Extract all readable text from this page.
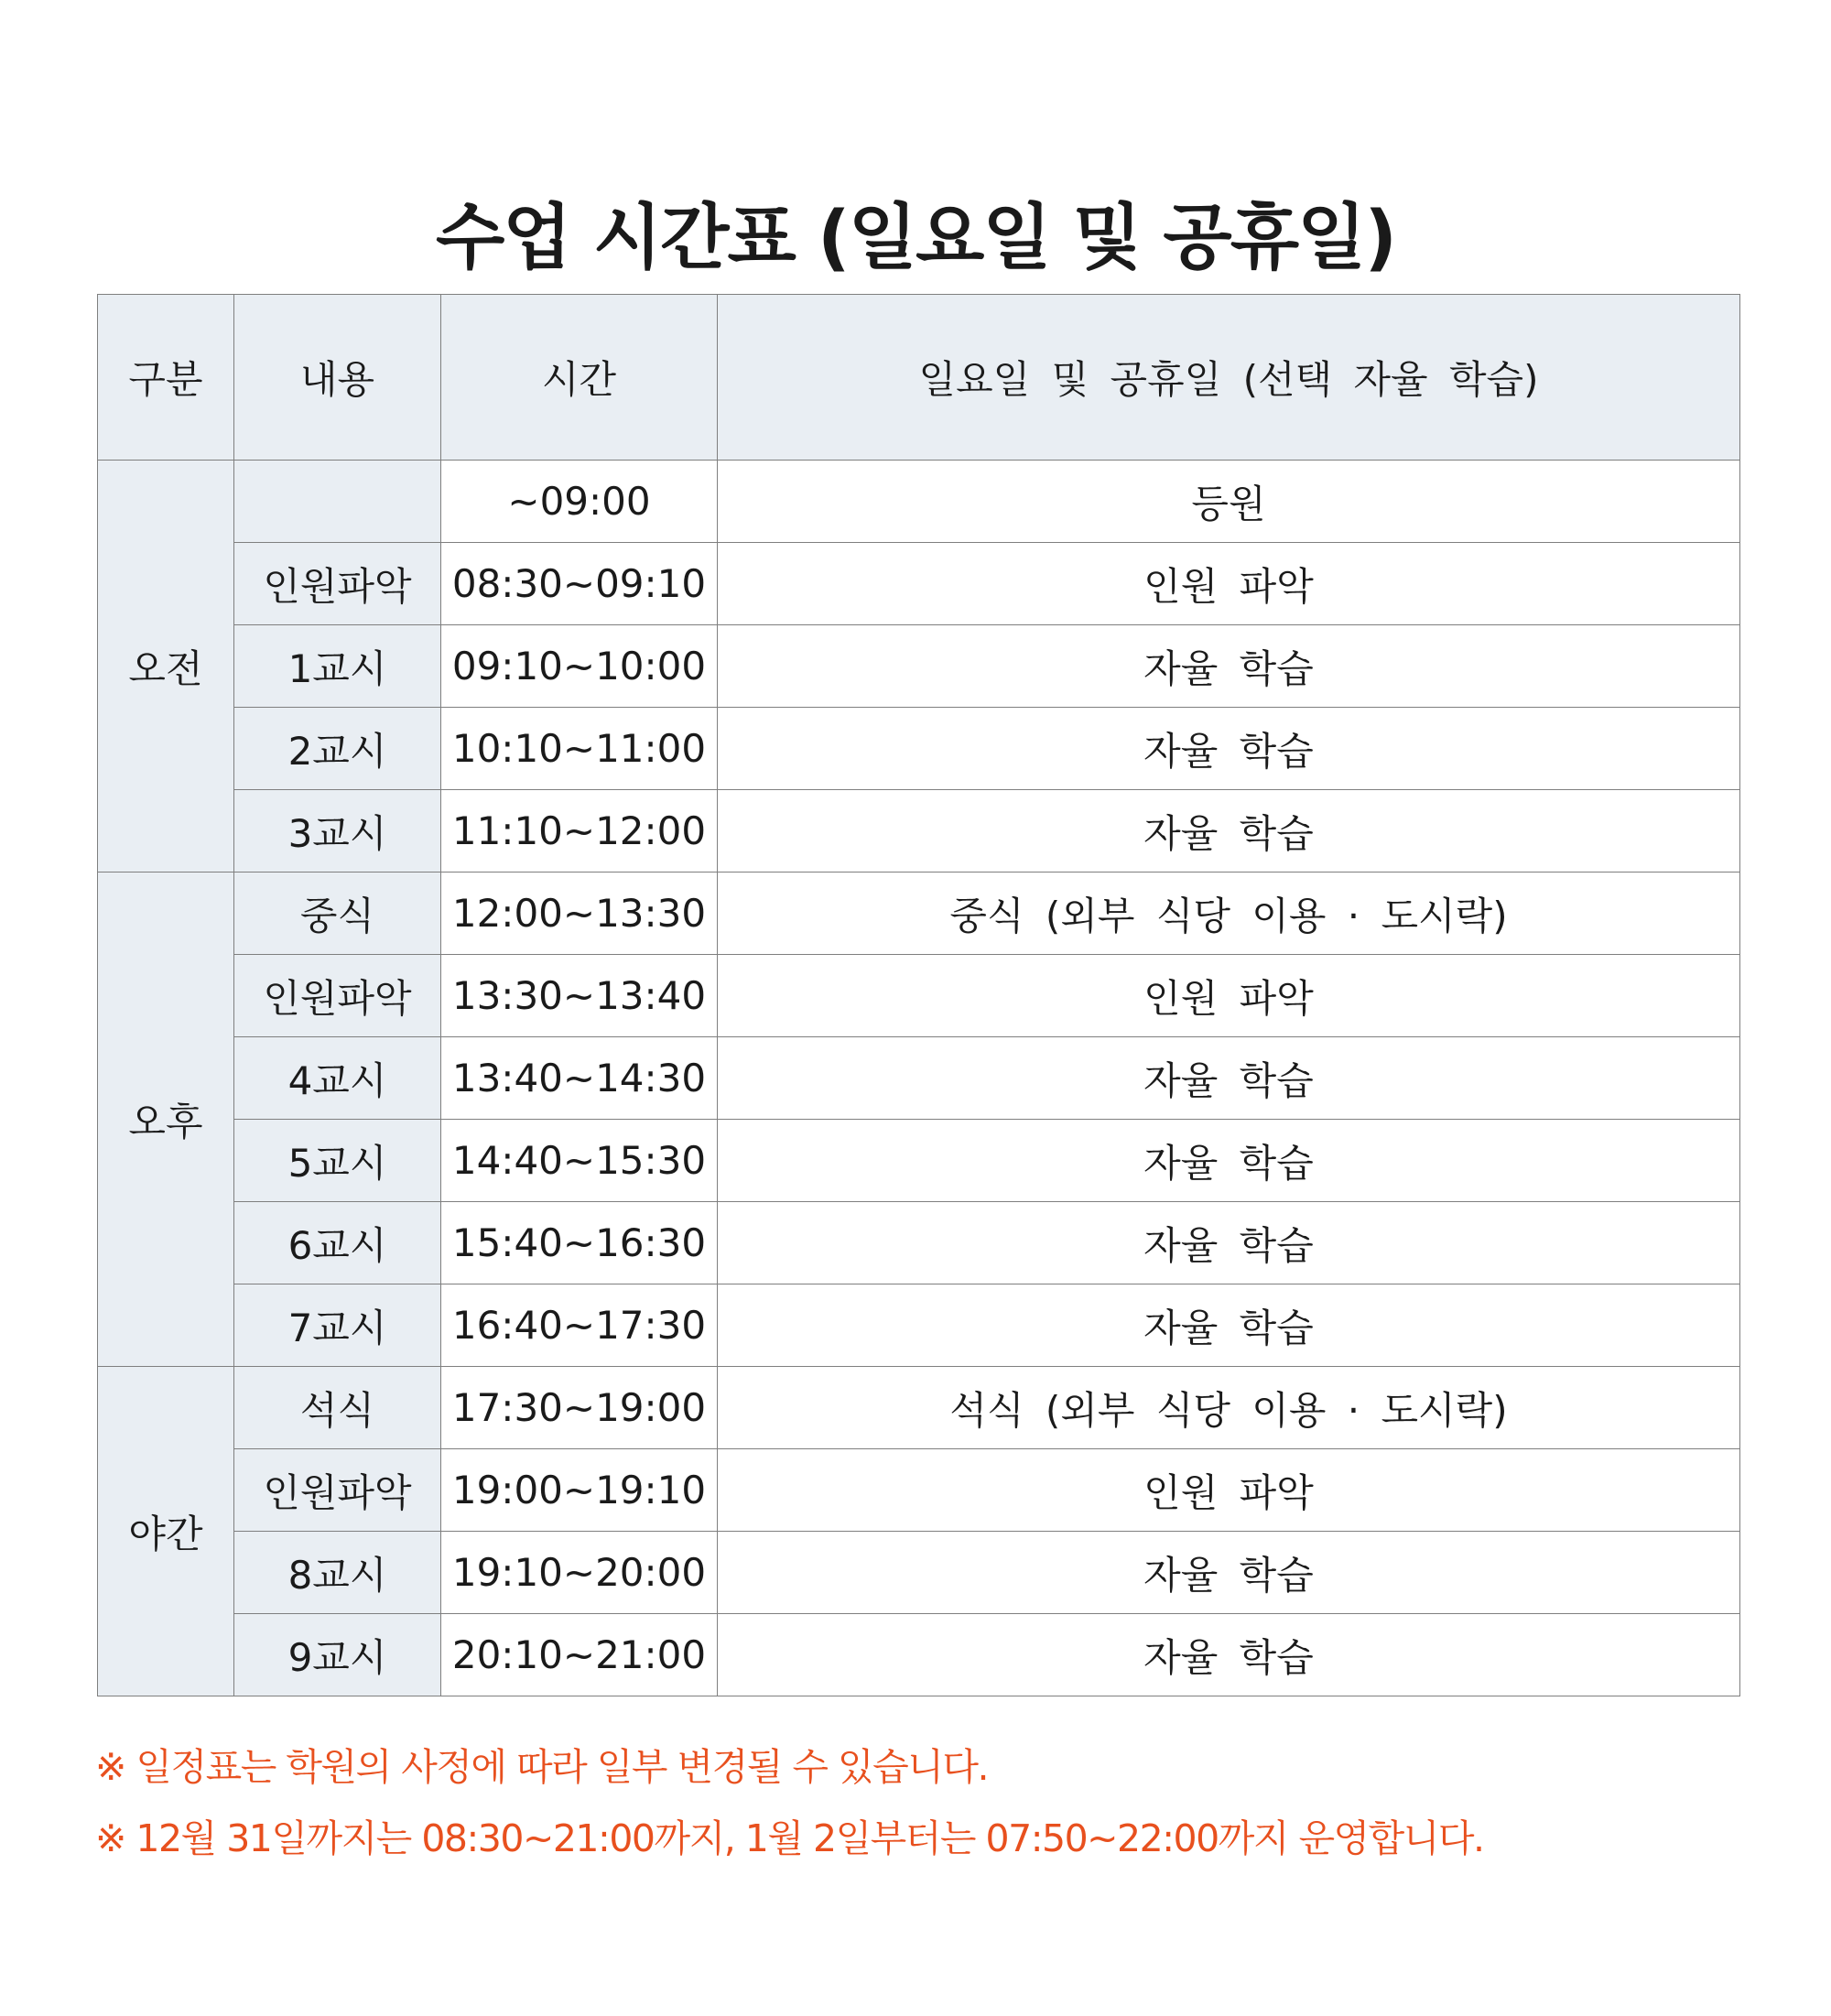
수업 시간표 (일요일 및 공휴일)
구분	내용	시간	일요일 및 공휴일 (선택 자율 학습)
오전		~09:00	등원
	인원파악	08:30~09:10	인원 파악
	1교시	09:10~10:00	자율 학습
	2교시	10:10~11:00	자율 학습
	3교시	11:10~12:00	자율 학습
오후	중식	12:00~13:30	중식 (외부 식당 이용 · 도시락)
	인원파악	13:30~13:40	인원 파악
	4교시	13:40~14:30	자율 학습
	5교시	14:40~15:30	자율 학습
	6교시	15:40~16:30	자율 학습
	7교시	16:40~17:30	자율 학습
야간	석식	17:30~19:00	석식 (외부 식당 이용 · 도시락)
	인원파악	19:00~19:10	인원 파악
	8교시	19:10~20:00	자율 학습
	9교시	20:10~21:00	자율 학습

※ 일정표는 학원의 사정에 따라 일부 변경될 수 있습니다.

※ 12월 31일까지는 08:30~21:00까지, 1월 2일부터는 07:50~22:00까지 운영합니다.
